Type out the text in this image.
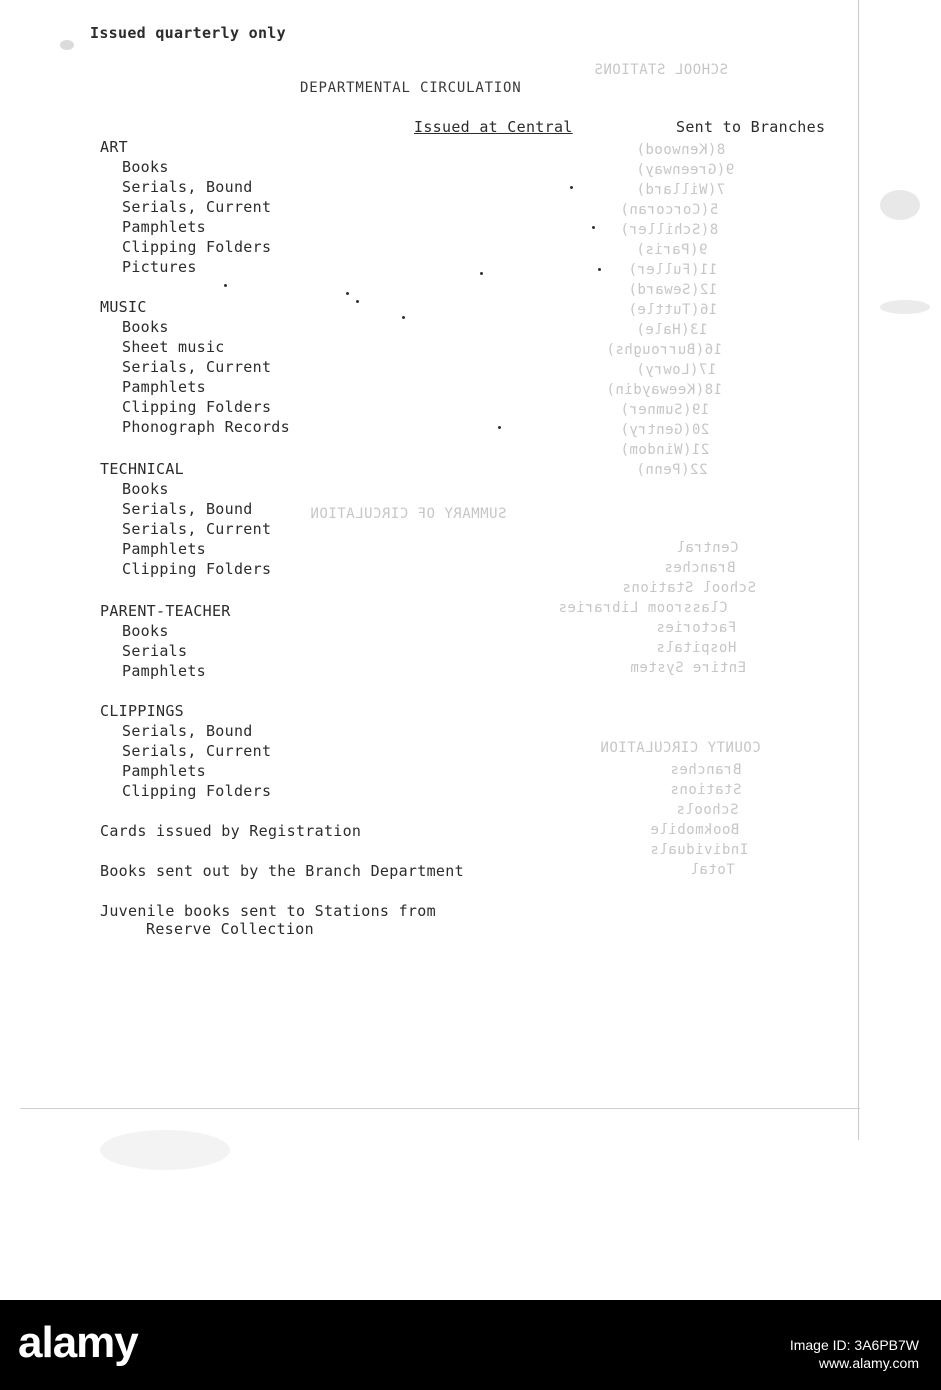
SCHOOL STATIONS
SUMMARY OF CIRCULATION
COUNTY CIRCULATION
8(Kenwood)
9(Greenway)
7(Willard)
5(Corcoran)
8(Schiller)
9(Paris)
11(Fuller)
12(Seward)
16(Tuttle)
13(Hale)
16(Burroughs)
17(Lowry)
18(Keewaydin)
19(Sumner)
20(Gentry)
21(Windom)
22(Penn)
Central
Branches
School Stations
Classroom Libraries
Factories
Hospitals
Entire System
Branches
Stations
Schools
Bookmobile
Individuals
Total
Issued quarterly only
DEPARTMENTAL CIRCULATION
Issued at Central	Sent to Branches
ART
Books
Serials, Bound
Serials, Current
Pamphlets
Clipping Folders
Pictures
MUSIC
Books
Sheet music
Serials, Current
Pamphlets
Clipping Folders
Phonograph Records
TECHNICAL
Books
Serials, Bound
Serials, Current
Pamphlets
Clipping Folders
PARENT-TEACHER
Books
Serials
Pamphlets
CLIPPINGS
Serials, Bound
Serials, Current
Pamphlets
Clipping Folders
Cards issued by Registration
Books sent out by the Branch Department
Juvenile books sent to Stations from
Reserve Collection
alamy	Image ID: 3A6PB7W
www.alamy.com
